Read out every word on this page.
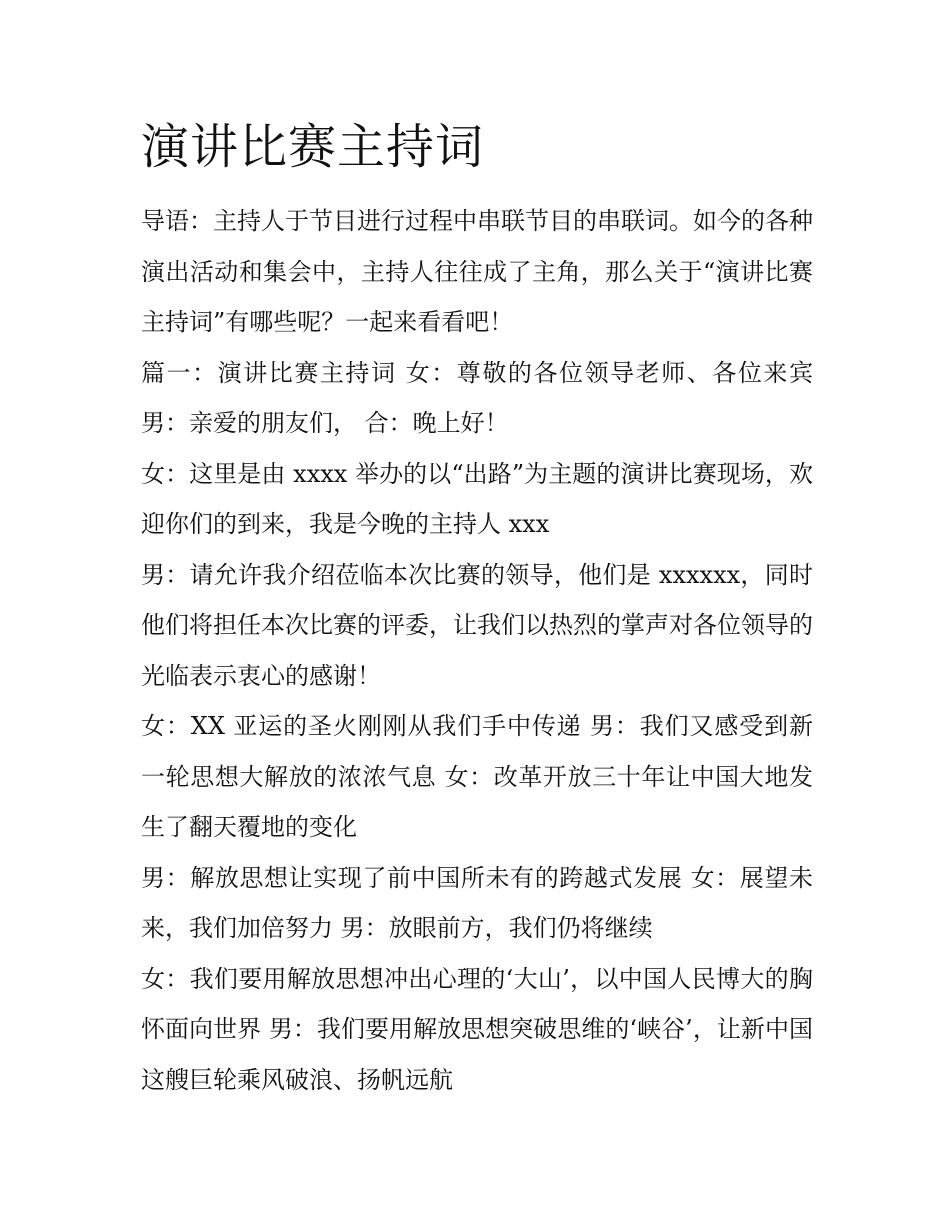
演讲比赛主持词

导语：主持人于节目进行过程中串联节目的串联词。如今的各种演出活动和集会中，主持人往往成了主角，那么关于“演讲比赛主持词”有哪些呢？一起来看看吧！

篇一：演讲比赛主持词 女：尊敬的各位领导老师、各位来宾 男：亲爱的朋友们， 合：晚上好！

女：这里是由 xxxx 举办的以“出路”为主题的演讲比赛现场，欢迎你们的到来，我是今晚的主持人 xxx

男：请允许我介绍莅临本次比赛的领导，他们是 xxxxxx，同时他们将担任本次比赛的评委，让我们以热烈的掌声对各位领导的光临表示衷心的感谢！

女：XX 亚运的圣火刚刚从我们手中传递 男：我们又感受到新一轮思想大解放的浓浓气息 女：改革开放三十年让中国大地发生了翻天覆地的变化

男：解放思想让实现了前中国所未有的跨越式发展 女：展望未来，我们加倍努力 男：放眼前方，我们仍将继续

女：我们要用解放思想冲出心理的‘大山’，以中国人民博大的胸怀面向世界 男：我们要用解放思想突破思维的‘峡谷’，让新中国这艘巨轮乘风破浪、扬帆远航
